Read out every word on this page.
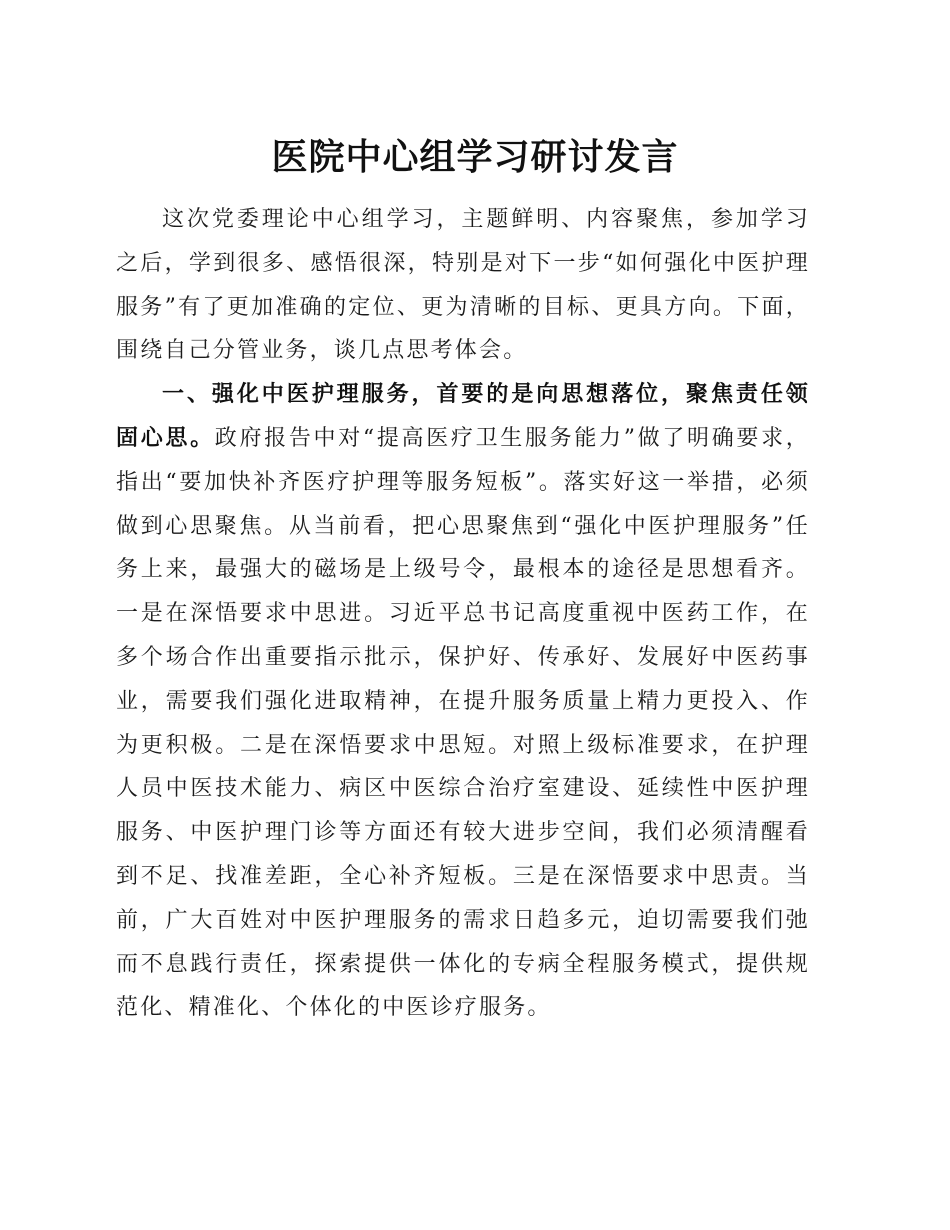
医院中心组学习研讨发言

这次党委理论中心组学习，主题鲜明、内容聚焦，参加学习之后，学到很多、感悟很深，特别是对下一步“如何强化中医护理服务”有了更加准确的定位、更为清晰的目标、更具方向。下面，围绕自己分管业务，谈几点思考体会。

一、强化中医护理服务，首要的是向思想落位，聚焦责任领固心思。政府报告中对“提高医疗卫生服务能力”做了明确要求，指出“要加快补齐医疗护理等服务短板”。落实好这一举措，必须做到心思聚焦。从当前看，把心思聚焦到“强化中医护理服务”任务上来，最强大的磁场是上级号令，最根本的途径是思想看齐。一是在深悟要求中思进。习近平总书记高度重视中医药工作，在多个场合作出重要指示批示，保护好、传承好、发展好中医药事业，需要我们强化进取精神，在提升服务质量上精力更投入、作为更积极。二是在深悟要求中思短。对照上级标准要求，在护理人员中医技术能力、病区中医综合治疗室建设、延续性中医护理服务、中医护理门诊等方面还有较大进步空间，我们必须清醒看到不足、找准差距，全心补齐短板。三是在深悟要求中思责。当前，广大百姓对中医护理服务的需求日趋多元，迫切需要我们弛而不息践行责任，探索提供一体化的专病全程服务模式，提供规范化、精准化、个体化的中医诊疗服务。
